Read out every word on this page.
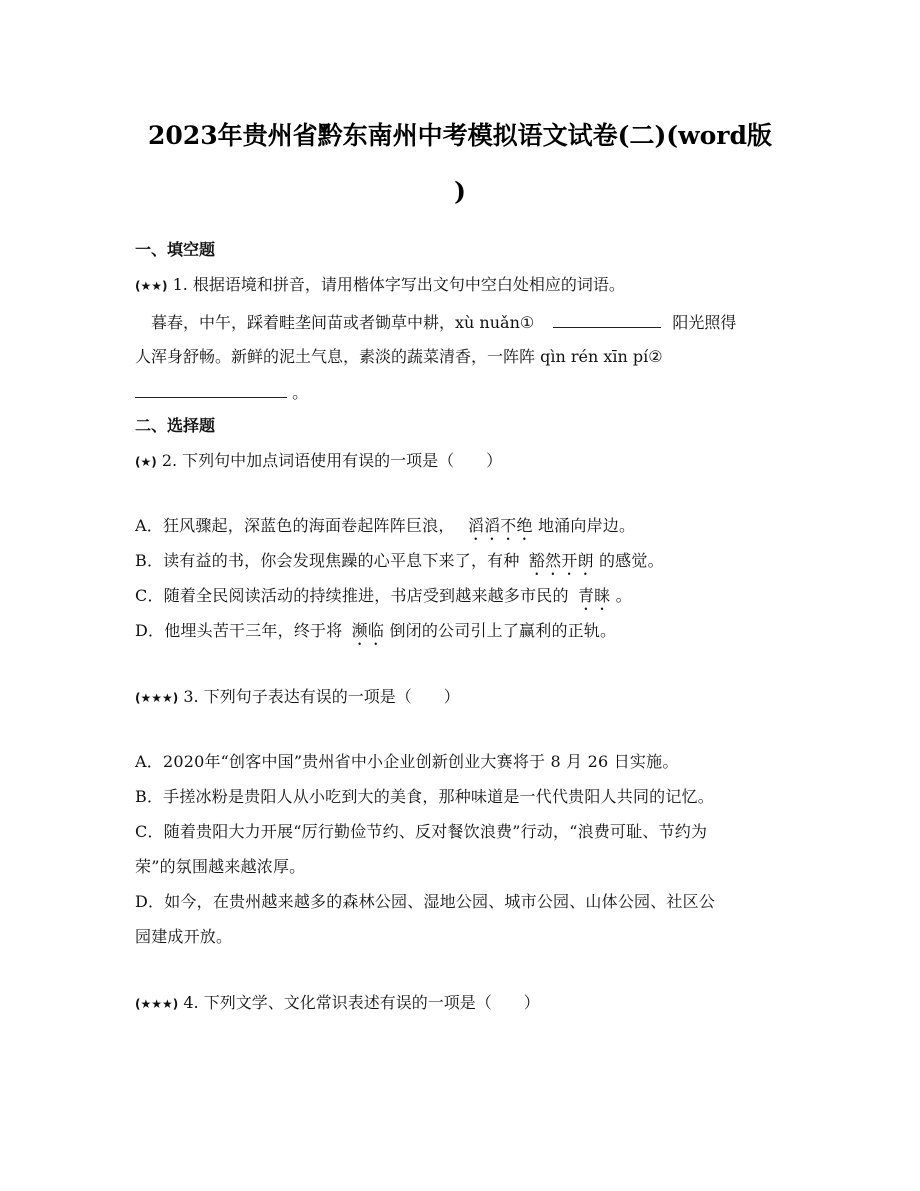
2023年贵州省黔东南州中考模拟语文试卷(二)(word版
)
一、填空题
(★★) 1. 根据语境和拼音，请用楷体字写出文句中空白处相应的词语。
暮春，中午，踩着畦垄间苗或者锄草中耕，xù nuǎn①	阳光照得
人浑身舒畅。新鲜的泥土气息，素淡的蔬菜清香，一阵阵 qìn rén xīn pí②
。
二、选择题
(★) 2. 下列句中加点词语使用有误的一项是（　　）
A．狂风骤起，深蓝色的海面卷起阵阵巨浪， 滔滔不绝 地涌向岸边。
B．读有益的书，你会发现焦躁的心平息下来了，有种 豁然开朗 的感觉。
C．随着全民阅读活动的持续推进，书店受到越来越多市民的 青睐 。
D．他埋头苦干三年，终于将 濒临 倒闭的公司引上了赢利的正轨。
(★★★) 3. 下列句子表达有误的一项是（　　）
A．2020年“创客中国”贵州省中小企业创新创业大赛将于 8 月 26 日实施。
B．手搓冰粉是贵阳人从小吃到大的美食，那种味道是一代代贵阳人共同的记忆。
C．随着贵阳大力开展“厉行勤俭节约、反对餐饮浪费”行动，“浪费可耻、节约为
荣”的氛围越来越浓厚。
D．如今，在贵州越来越多的森林公园、湿地公园、城市公园、山体公园、社区公
园建成开放。
(★★★) 4. 下列文学、文化常识表述有误的一项是（　　）
